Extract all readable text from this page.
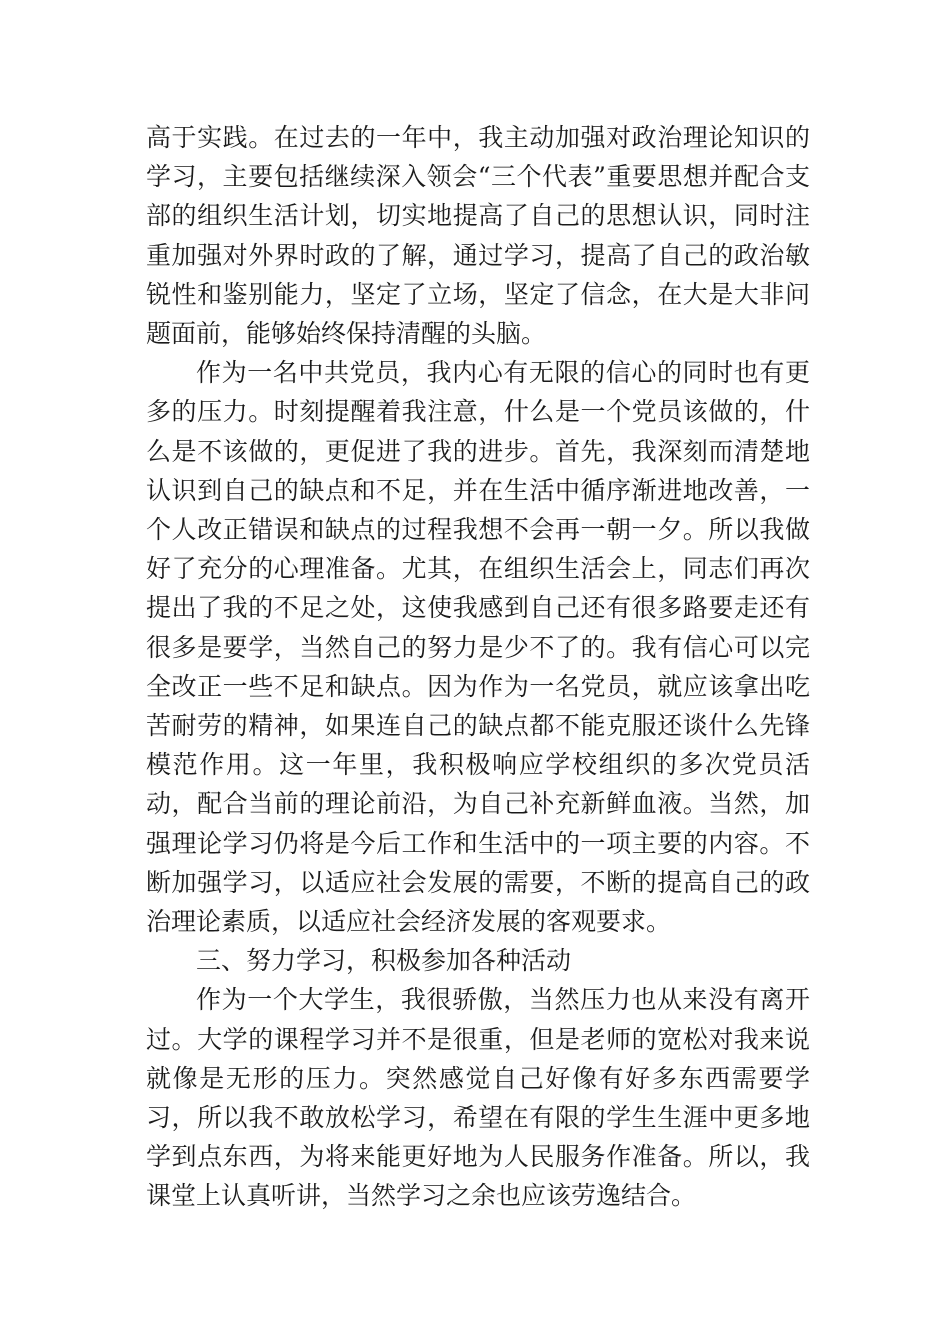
高于实践。在过去的一年中，我主动加强对政治理论知识的学习，主要包括继续深入领会“三个代表”重要思想并配合支部的组织生活计划，切实地提高了自己的思想认识，同时注重加强对外界时政的了解，通过学习，提高了自己的政治敏锐性和鉴别能力，坚定了立场，坚定了信念，在大是大非问题面前，能够始终保持清醒的头脑。

作为一名中共党员，我内心有无限的信心的同时也有更多的压力。时刻提醒着我注意，什么是一个党员该做的，什么是不该做的，更促进了我的进步。首先，我深刻而清楚地认识到自己的缺点和不足，并在生活中循序渐进地改善，一个人改正错误和缺点的过程我想不会再一朝一夕。所以我做好了充分的心理准备。尤其，在组织生活会上，同志们再次提出了我的不足之处，这使我感到自己还有很多路要走还有很多是要学，当然自己的努力是少不了的。我有信心可以完全改正一些不足和缺点。因为作为一名党员，就应该拿出吃苦耐劳的精神，如果连自己的缺点都不能克服还谈什么先锋模范作用。这一年里，我积极响应学校组织的多次党员活动，配合当前的理论前沿，为自己补充新鲜血液。当然，加强理论学习仍将是今后工作和生活中的一项主要的内容。不断加强学习，以适应社会发展的需要，不断的提高自己的政治理论素质，以适应社会经济发展的客观要求。

三、努力学习，积极参加各种活动

作为一个大学生，我很骄傲，当然压力也从来没有离开过。大学的课程学习并不是很重，但是老师的宽松对我来说就像是无形的压力。突然感觉自己好像有好多东西需要学习，所以我不敢放松学习，希望在有限的学生生涯中更多地学到点东西，为将来能更好地为人民服务作准备。所以，我课堂上认真听讲，当然学习之余也应该劳逸结合。
